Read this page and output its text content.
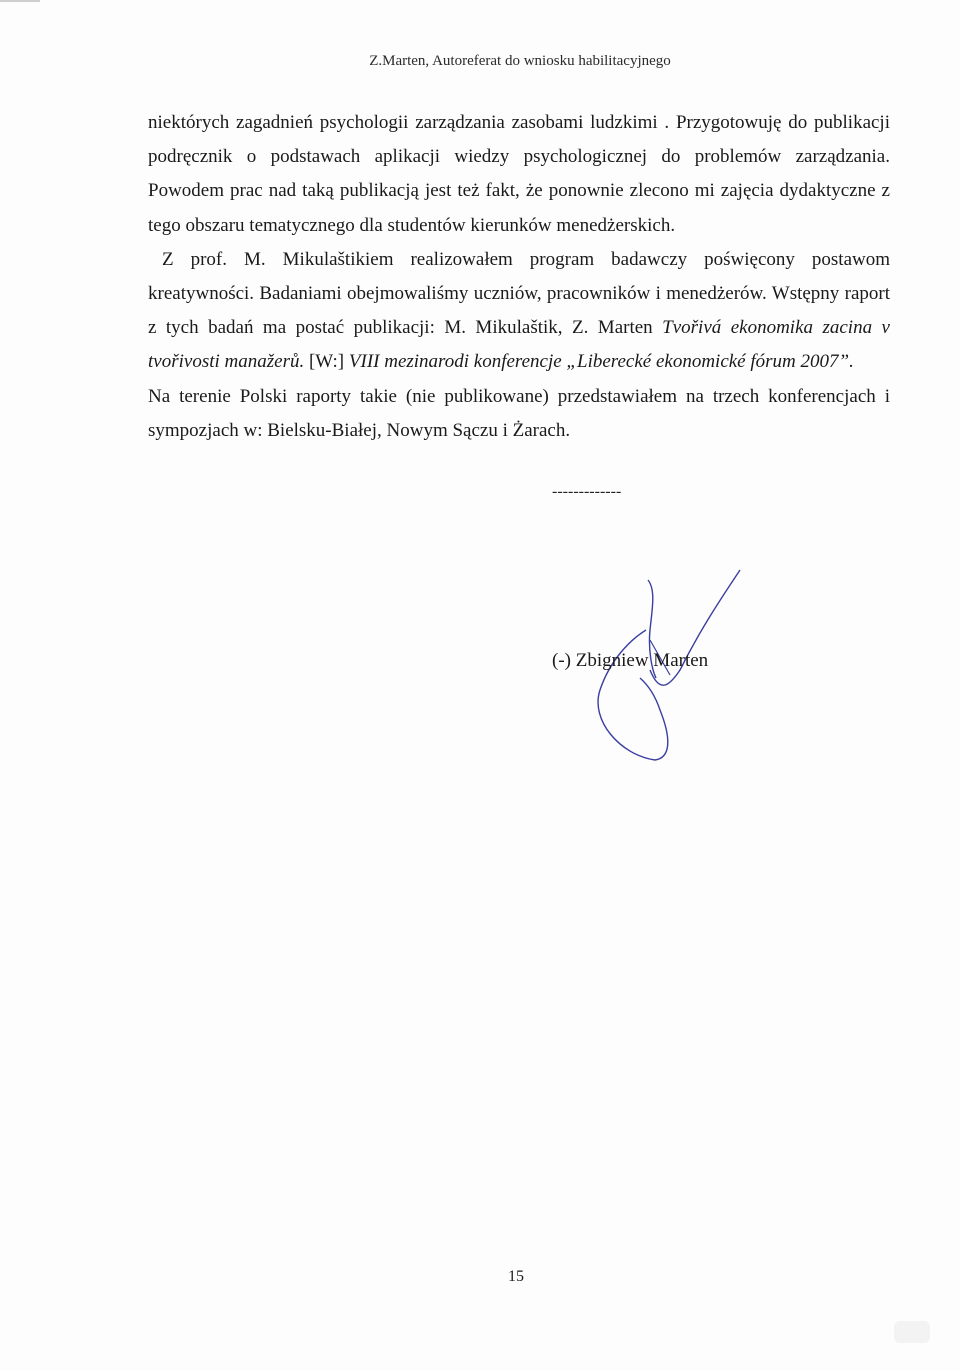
Z.Marten, Autoreferat do wniosku habilitacyjnego

niektórych zagadnień psychologii zarządzania zasobami ludzkimi . Przygotowuję do publikacji podręcznik o podstawach aplikacji wiedzy psychologicznej do problemów zarządzania. Powodem prac nad taką publikacją jest też fakt, że ponownie zlecono mi zajęcia dydaktyczne z tego obszaru tematycznego dla studentów kierunków menedżerskich.

Z prof. M. Mikulaštikiem realizowałem program badawczy poświęcony postawom kreatywności. Badaniami obejmowaliśmy uczniów, pracowników i menedżerów. Wstępny raport z tych badań ma postać publikacji: M. Mikulaštik, Z. Marten Tvořivá ekonomika zacina v tvořivosti manažerů. [W:] VIII mezinarodi konferencje „Liberecké ekonomické fórum 2007”.

Na terenie Polski raporty takie (nie publikowane) przedstawiałem na trzech konferencjach i sympozjach w: Bielsku-Białej, Nowym Sączu i Żarach.

-------------
(-) Zbigniew Marten
15
